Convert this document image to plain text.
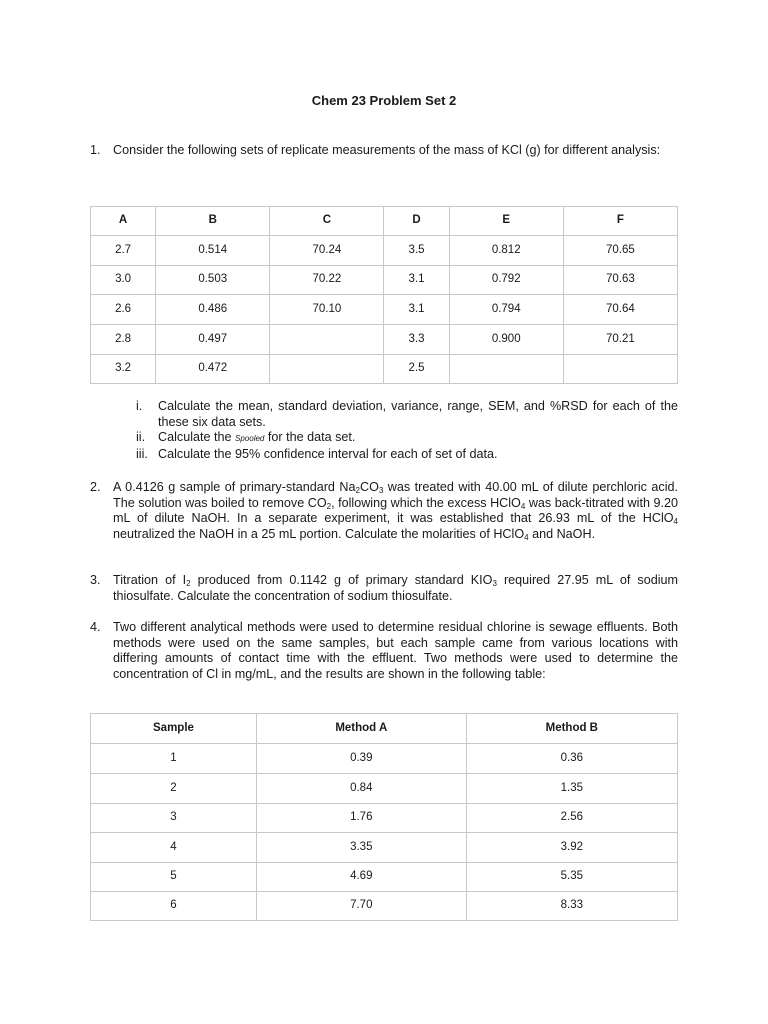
Chem 23 Problem Set 2
1. Consider the following sets of replicate measurements of the mass of KCl (g) for different analysis:
A	B	C	D	E	F
2.7	0.514	70.24	3.5	0.812	70.65
3.0	0.503	70.22	3.1	0.792	70.63
2.6	0.486	70.10	3.1	0.794	70.64
2.8	0.497		3.3	0.900	70.21
3.2	0.472		2.5		
i. Calculate the mean, standard deviation, variance, range, SEM, and %RSD for each of the these six data sets.
ii. Calculate the Spooled for the data set.
iii. Calculate the 95% confidence interval for each of set of data.
2. A 0.4126 g sample of primary-standard $Na_2CO_3$ was treated with 40.00 mL of dilute perchloric acid. The solution was boiled to remove $CO_2$, following which the excess HClO$_4$ was back-titrated with 9.20 mL of dilute NaOH. In a separate experiment, it was established that 26.93 mL of the HClO$_4$ neutralized the NaOH in a 25 mL portion. Calculate the molarities of HClO$_4$ and NaOH.
3. Titration of $I_2$ produced from 0.1142 g of primary standard $KIO_3$ required 27.95 mL of sodium thiosulfate. Calculate the concentration of sodium thiosulfate.
4. Two different analytical methods were used to determine residual chlorine is sewage effluents. Both methods were used on the same samples, but each sample came from various locations with differing amounts of contact time with the effluent. Two methods were used to determine the concentration of Cl in mg/mL, and the results are shown in the following table:
Sample	Method A	Method B
1	0.39	0.36
2	0.84	1.35
3	1.76	2.56
4	3.35	3.92
5	4.69	5.35
6	7.70	8.33
